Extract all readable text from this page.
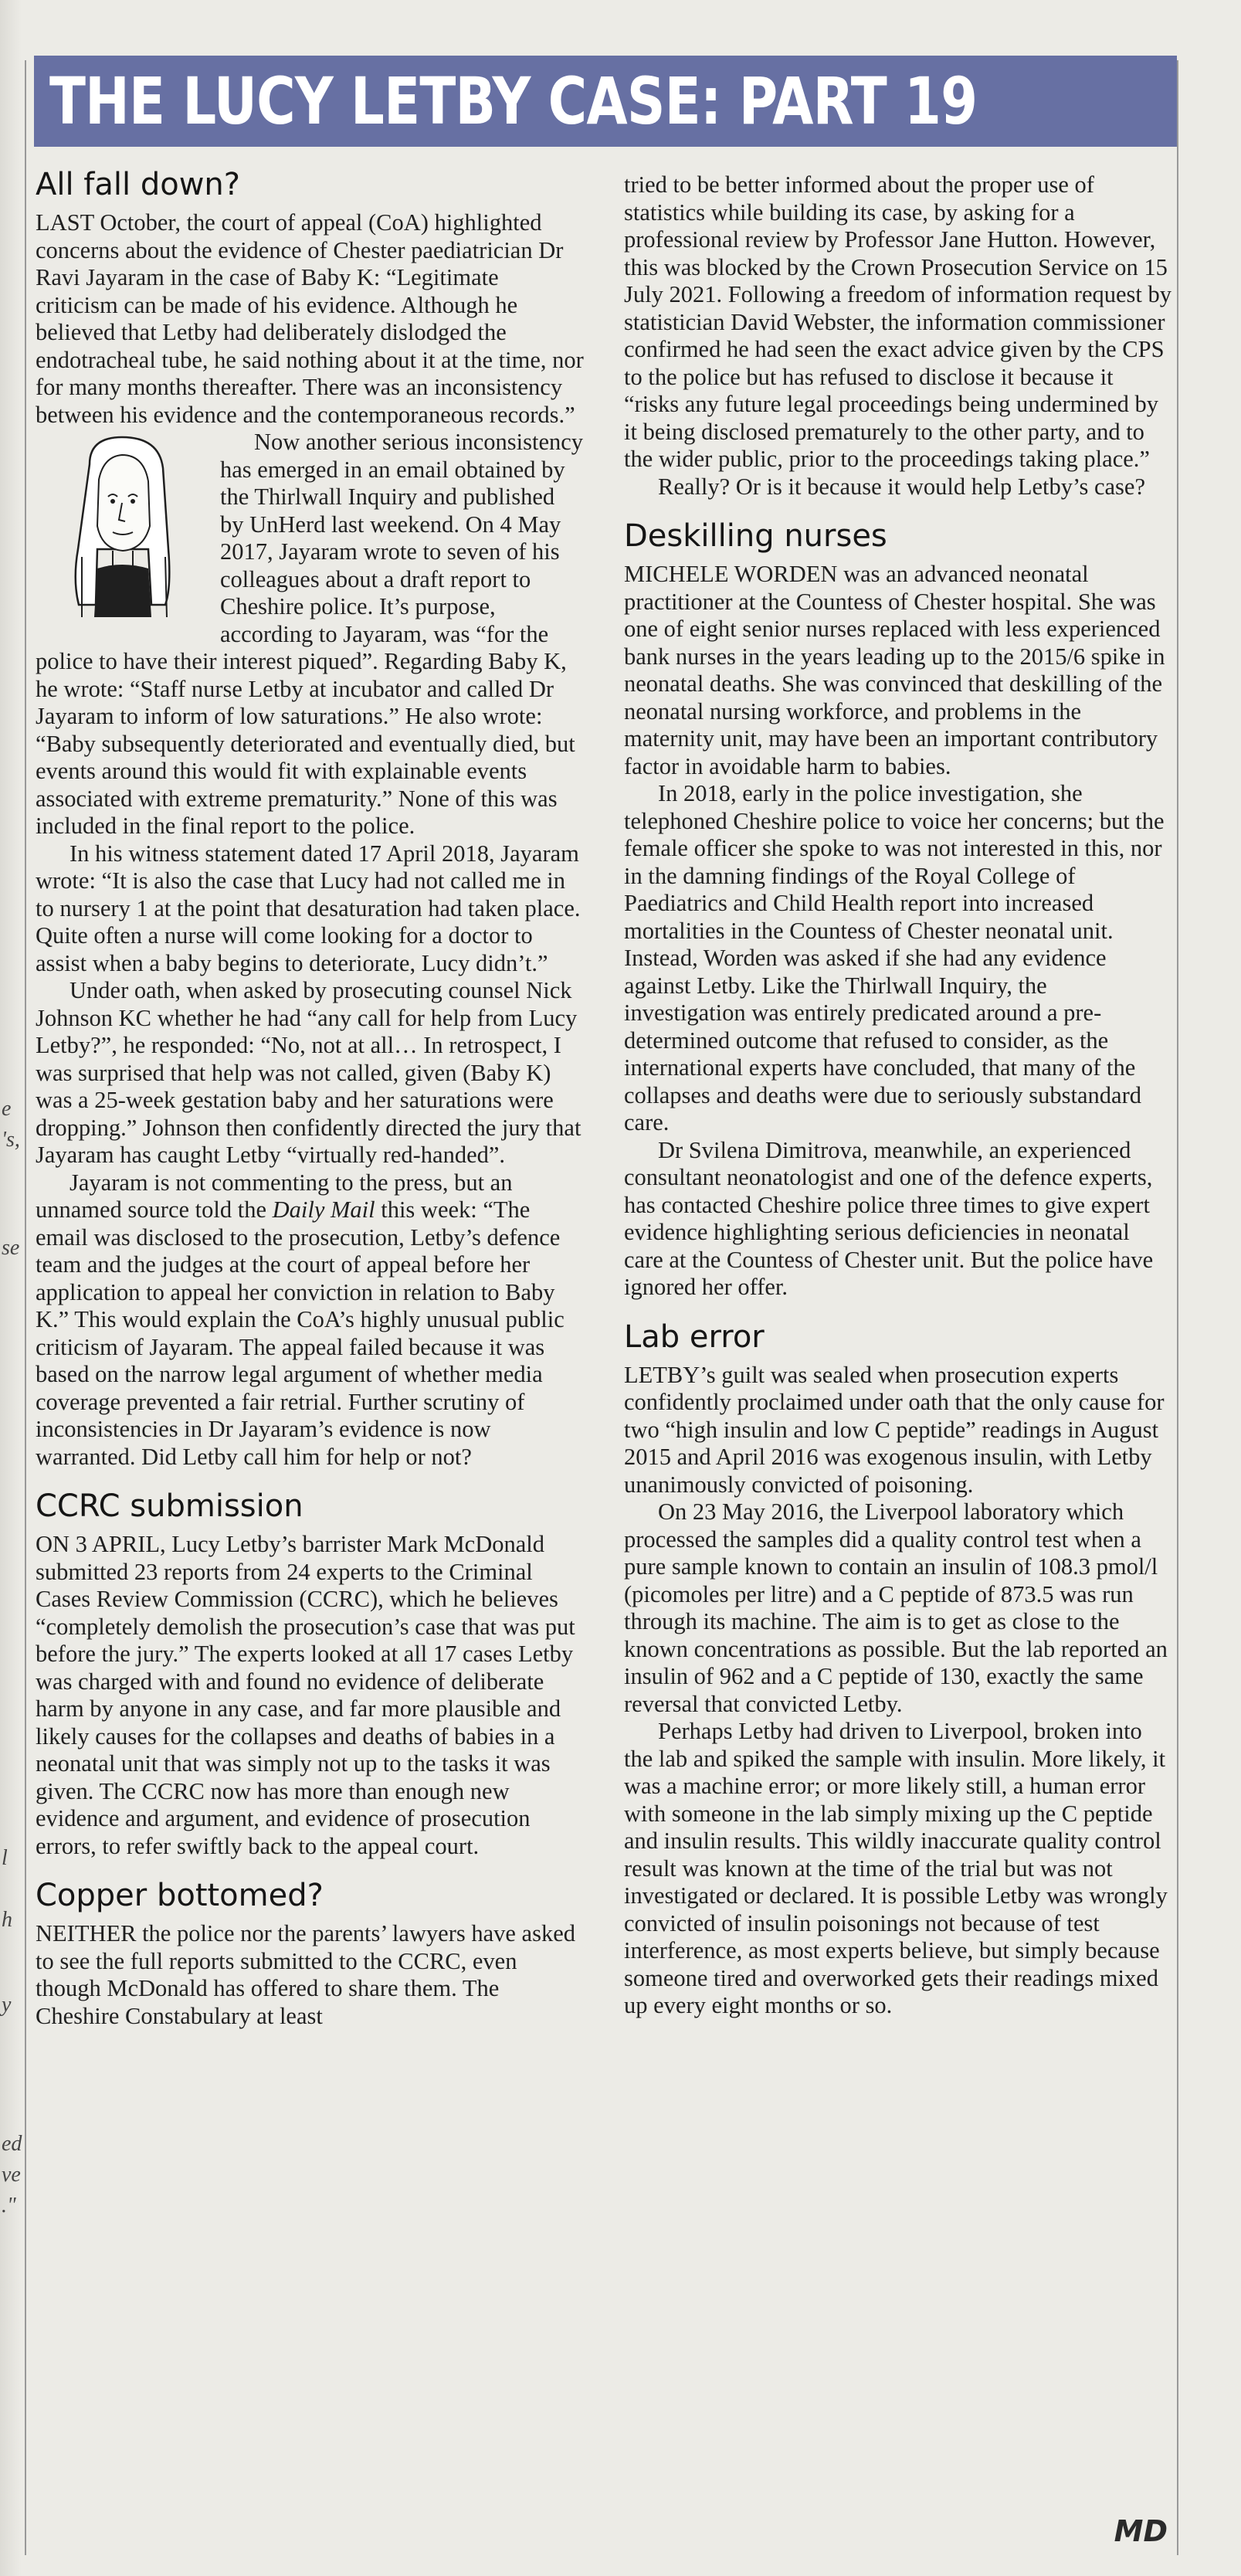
e
's,
se
l
h
y
ed
ve
."
THE LUCY LETBY CASE: PART 19
All fall down?

LAST October, the court of appeal (CoA) highlighted concerns about the evidence of Chester paediatrician Dr Ravi Jayaram in the case of Baby K: “Legitimate criticism can be made of his evidence. Although he believed that Letby had deliberately dislodged the endotracheal tube, he said nothing about it at the time, nor for many months thereafter. There was an inconsistency between his evidence and the contemporaneous records.”

Now another serious inconsistency has emerged in an email obtained by the Thirlwall Inquiry and published by UnHerd last weekend. On 4 May 2017, Jayaram wrote to seven of his colleagues about a draft report to Cheshire police. It’s purpose, according to Jayaram, was “for the police to have their interest piqued”. Regarding Baby K, he wrote: “Staff nurse Letby at incubator and called Dr Jayaram to inform of low saturations.” He also wrote: “Baby subsequently deteriorated and eventually died, but events around this would fit with explainable events associated with extreme prematurity.” None of this was included in the final report to the police.

In his witness statement dated 17 April 2018, Jayaram wrote: “It is also the case that Lucy had not called me in to nursery 1 at the point that desaturation had taken place. Quite often a nurse will come looking for a doctor to assist when a baby begins to deteriorate, Lucy didn’t.”

Under oath, when asked by prosecuting counsel Nick Johnson KC whether he had “any call for help from Lucy Letby?”, he responded: “No, not at all… In retrospect, I was surprised that help was not called, given (Baby K) was a 25-week gestation baby and her saturations were dropping.” Johnson then confidently directed the jury that Jayaram has caught Letby “virtually red-handed”.

Jayaram is not commenting to the press, but an unnamed source told the Daily Mail this week: “The email was disclosed to the prosecution, Letby’s defence team and the judges at the court of appeal before her application to appeal her conviction in relation to Baby K.” This would explain the CoA’s highly unusual public criticism of Jayaram. The appeal failed because it was based on the narrow legal argument of whether media coverage prevented a fair retrial. Further scrutiny of inconsistencies in Dr Jayaram’s evidence is now warranted. Did Letby call him for help or not?

CCRC submission

ON 3 APRIL, Lucy Letby’s barrister Mark McDonald submitted 23 reports from 24 experts to the Criminal Cases Review Commission (CCRC), which he believes “completely demolish the prosecution’s case that was put before the jury.” The experts looked at all 17 cases Letby was charged with and found no evidence of deliberate harm by anyone in any case, and far more plausible and likely causes for the collapses and deaths of babies in a neonatal unit that was simply not up to the tasks it was given. The CCRC now has more than enough new evidence and argument, and evidence of prosecution errors, to refer swiftly back to the appeal court.

Copper bottomed?

NEITHER the police nor the parents’ lawyers have asked to see the full reports submitted to the CCRC, even though McDonald has offered to share them. The Cheshire Constabulary at least

tried to be better informed about the proper use of statistics while building its case, by asking for a professional review by Professor Jane Hutton. However, this was blocked by the Crown Prosecution Service on 15 July 2021. Following a freedom of information request by statistician David Webster, the information commissioner confirmed he had seen the exact advice given by the CPS to the police but has refused to disclose it because it “risks any future legal proceedings being undermined by it being disclosed prematurely to the other party, and to the wider public, prior to the proceedings taking place.”

Really? Or is it because it would help Letby’s case?

Deskilling nurses

MICHELE WORDEN was an advanced neonatal practitioner at the Countess of Chester hospital. She was one of eight senior nurses replaced with less experienced bank nurses in the years leading up to the 2015/6 spike in neonatal deaths. She was convinced that deskilling of the neonatal nursing workforce, and problems in the maternity unit, may have been an important contributory factor in avoidable harm to babies.

In 2018, early in the police investigation, she telephoned Cheshire police to voice her concerns; but the female officer she spoke to was not interested in this, nor in the damning findings of the Royal College of Paediatrics and Child Health report into increased mortalities in the Countess of Chester neonatal unit. Instead, Worden was asked if she had any evidence against Letby. Like the Thirlwall Inquiry, the investigation was entirely predicated around a pre-determined outcome that refused to consider, as the international experts have concluded, that many of the collapses and deaths were due to seriously substandard care.

Dr Svilena Dimitrova, meanwhile, an experienced consultant neonatologist and one of the defence experts, has contacted Cheshire police three times to give expert evidence highlighting serious deficiencies in neonatal care at the Countess of Chester unit. But the police have ignored her offer.

Lab error

LETBY’s guilt was sealed when prosecution experts confidently proclaimed under oath that the only cause for two “high insulin and low C peptide” readings in August 2015 and April 2016 was exogenous insulin, with Letby unanimously convicted of poisoning.

On 23 May 2016, the Liverpool laboratory which processed the samples did a quality control test when a pure sample known to contain an insulin of 108.3 pmol/l (picomoles per litre) and a C peptide of 873.5 was run through its machine. The aim is to get as close to the known concentrations as possible. But the lab reported an insulin of 962 and a C peptide of 130, exactly the same reversal that convicted Letby.

Perhaps Letby had driven to Liverpool, broken into the lab and spiked the sample with insulin. More likely, it was a machine error; or more likely still, a human error with someone in the lab simply mixing up the C peptide and insulin results. This wildly inaccurate quality control result was known at the time of the trial but was not investigated or declared. It is possible Letby was wrongly convicted of insulin poisonings not because of test interference, as most experts believe, but simply because someone tired and overworked gets their readings mixed up every eight months or so.

MD
